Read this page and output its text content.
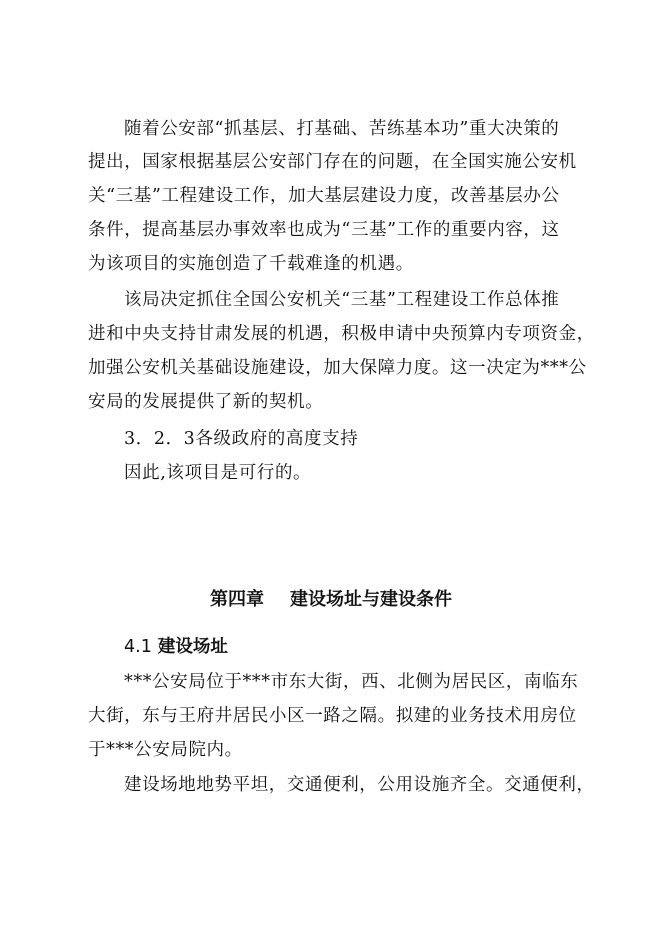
随着公安部“抓基层、打基础、苦练基本功”重大决策的
提出，国家根据基层公安部门存在的问题，在全国实施公安机
关“三基”工程建设工作，加大基层建设力度，改善基层办公
条件，提高基层办事效率也成为“三基”工作的重要内容，这
为该项目的实施创造了千载难逢的机遇。
该局决定抓住全国公安机关“三基”工程建设工作总体推
进和中央支持甘肃发展的机遇，积极申请中央预算内专项资金，
加强公安机关基础设施建设，加大保障力度。这一决定为***公
安局的发展提供了新的契机。
3．2．3各级政府的高度支持
因此,该项目是可行的。
第四章 建设场址与建设条件
4.1 建设场址
***公安局位于***市东大街，西、北侧为居民区，南临东
大街，东与王府井居民小区一路之隔。拟建的业务技术用房位
于***公安局院内。
建设场地地势平坦，交通便利，公用设施齐全。交通便利，
